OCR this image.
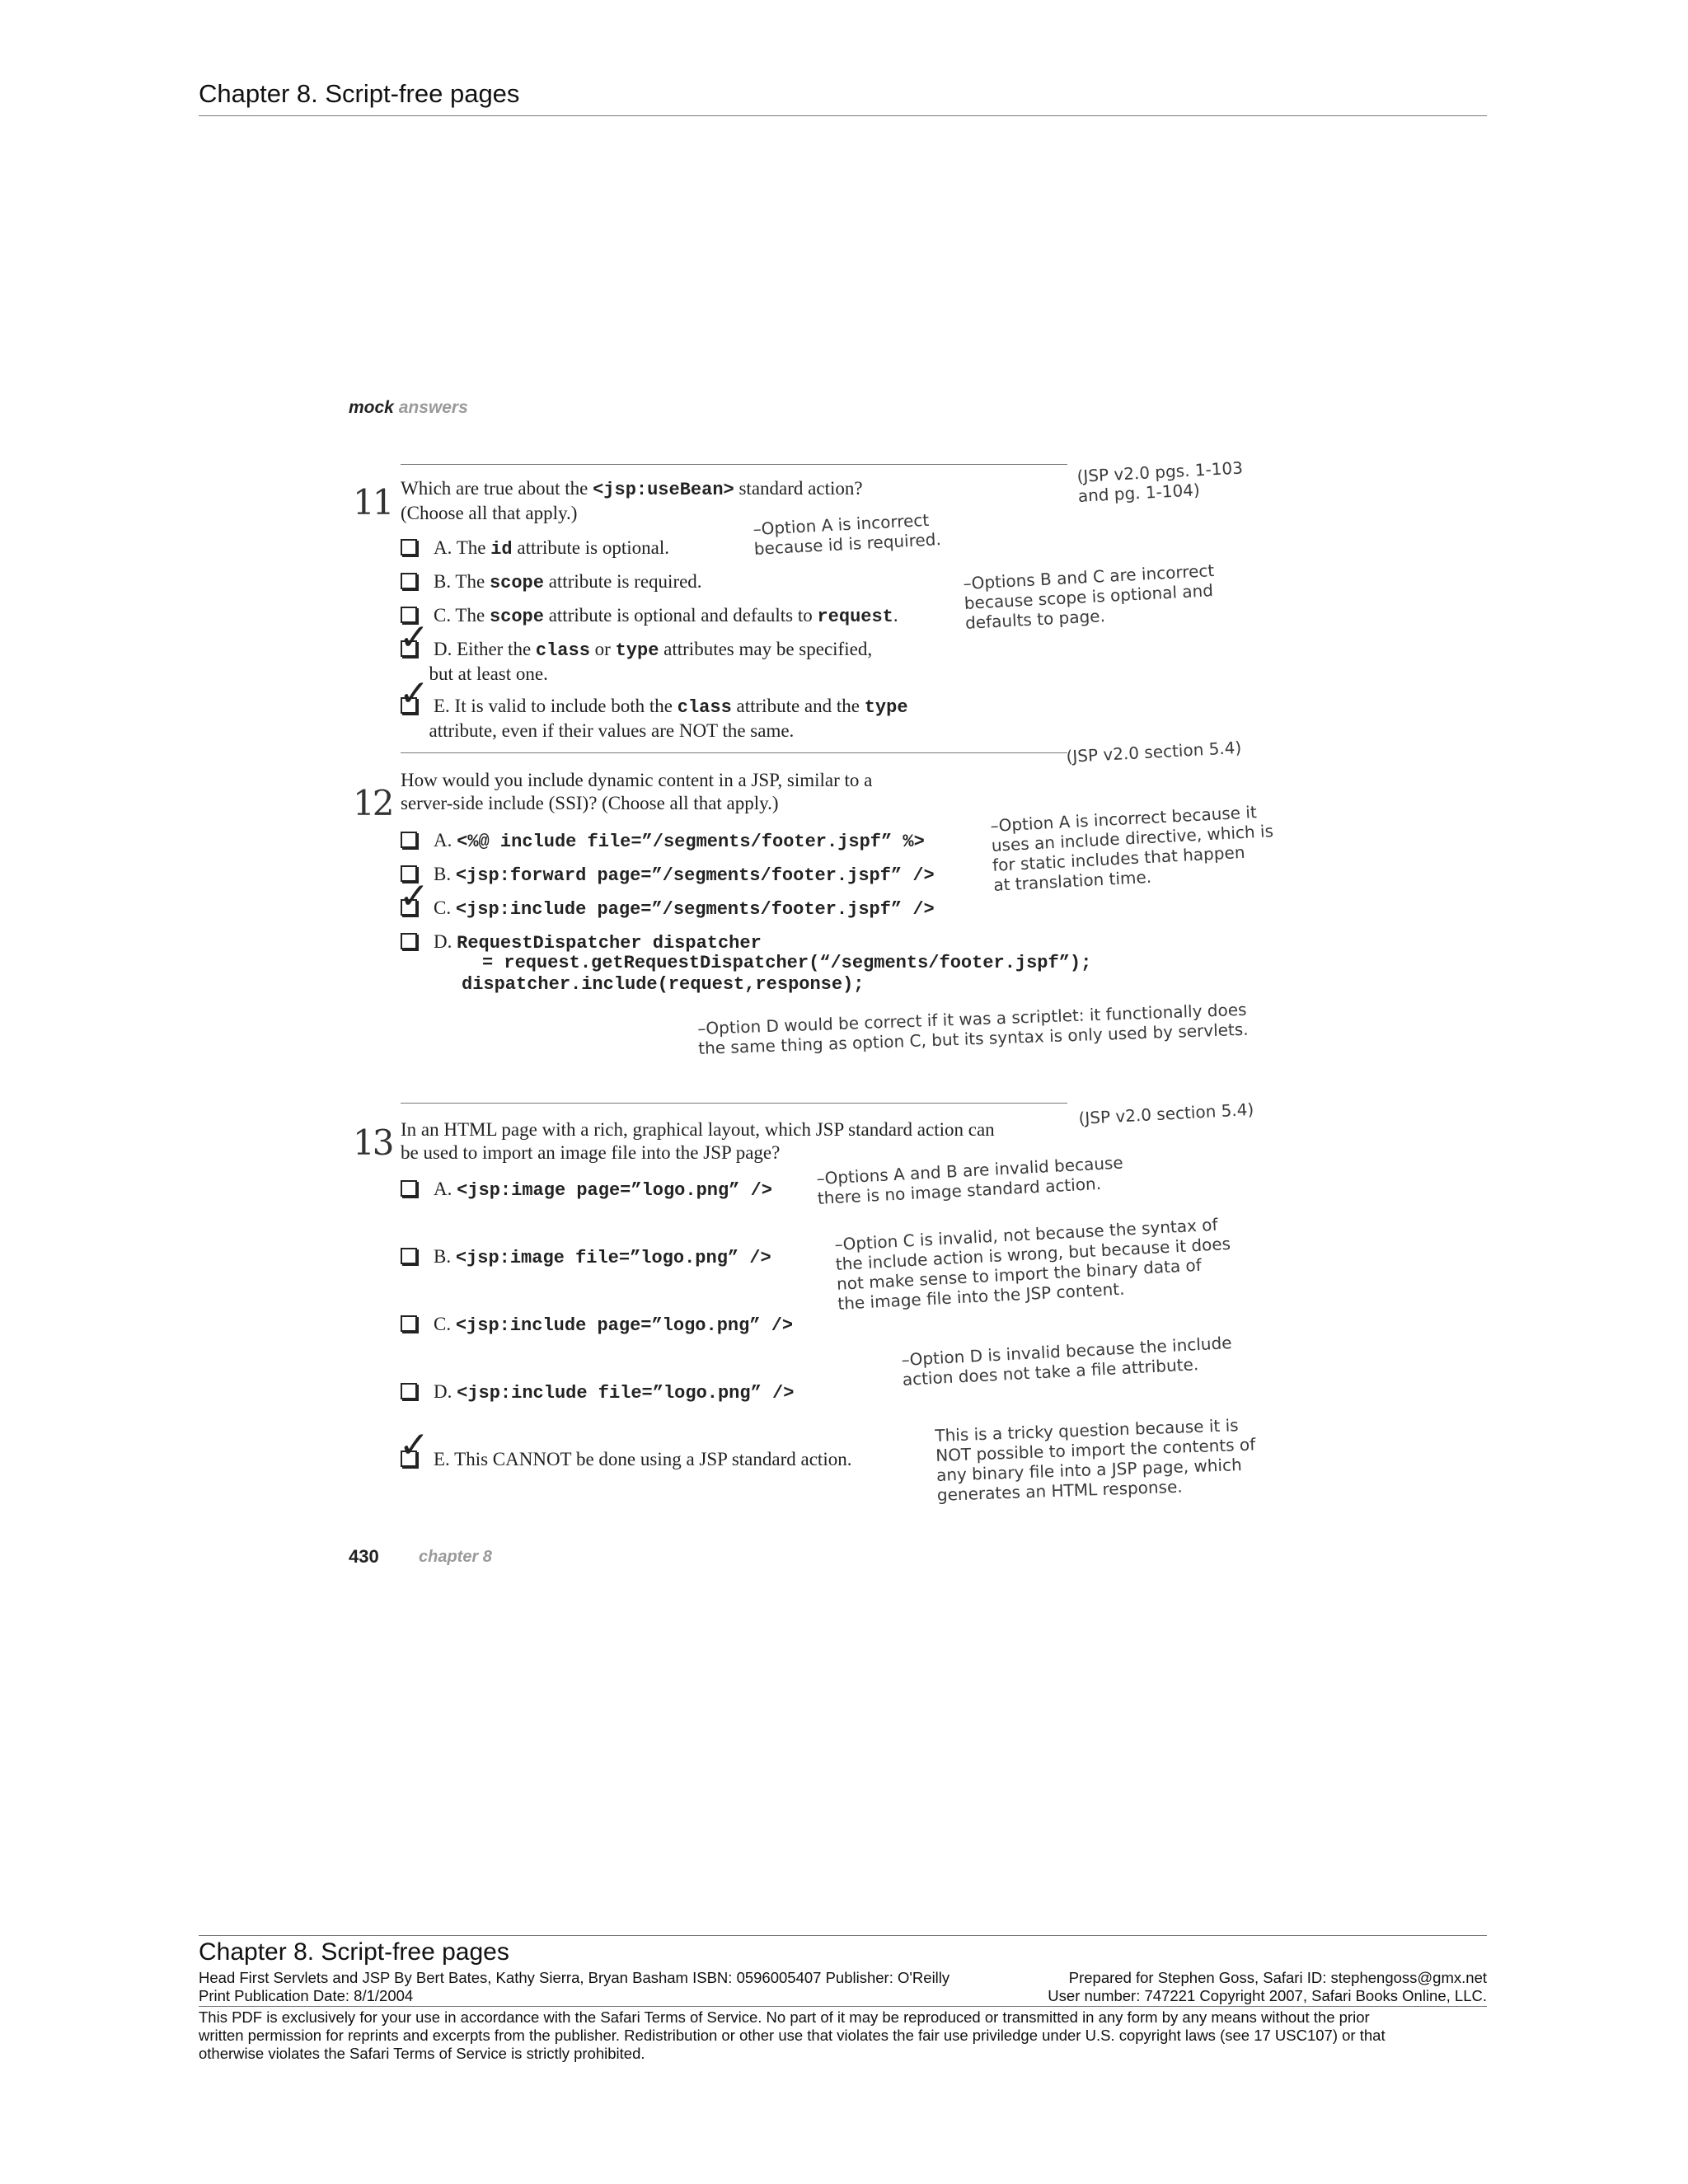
Chapter 8. Script-free pages
mock answers
11 Which are true about the <jsp:useBean> standard action?
(Choose all that apply.)
(JSP v2.0 pgs. 1-103
and pg. 1-104)
A. The id attribute is optional.
B. The scope attribute is required.
C. The scope attribute is optional and defaults to request.
D. Either the class or type attributes may be specified,
but at least one.
✓
E. It is valid to include both the class attribute and the type
attribute, even if their values are NOT the same.
✓
–Option A is incorrect
because id is required.
–Options B and C are incorrect
because scope is optional and
defaults to page.
12
How would you include dynamic content in a JSP, similar to a
server-side include (SSI)? (Choose all that apply.)
(JSP v2.0 section 5.4)
A. <%@ include file=”/segments/footer.jspf” %>
B. <jsp:forward page=”/segments/footer.jspf” />
C. <jsp:include page=”/segments/footer.jspf” />
✓
D. RequestDispatcher dispatcher
= request.getRequestDispatcher(“/segments/footer.jspf”);
dispatcher.include(request,response);
–Option A is incorrect because it
uses an include directive, which is
for static includes that happen
at translation time.
–Option D would be correct if it was a scriptlet: it functionally does
the same thing as option C, but its syntax is only used by servlets.
13 In an HTML page with a rich, graphical layout, which JSP standard action can
be used to import an image file into the JSP page?
(JSP v2.0 section 5.4)
A. <jsp:image page=”logo.png” />
B. <jsp:image file=”logo.png” />
C. <jsp:include page=”logo.png” />
D. <jsp:include file=”logo.png” />
E. This CANNOT be done using a JSP standard action.
✓
–Options A and B are invalid because
there is no image standard action.
–Option C is invalid, not because the syntax of
the include action is wrong, but because it does
not make sense to import the binary data of
the image file into the JSP content.
–Option D is invalid because the include
action does not take a file attribute.
This is a tricky question because it is
NOT possible to import the contents of
any binary file into a JSP page, which
generates an HTML response.
430 chapter 8
Chapter 8. Script-free pages
Head First Servlets and JSP By Bert Bates, Kathy Sierra, Bryan Basham ISBN: 0596005407 Publisher: O'Reilly	Prepared for Stephen Goss, Safari ID: stephengoss@gmx.net
Print Publication Date: 8/1/2004	User number: 747221 Copyright 2007, Safari Books Online, LLC.
This PDF is exclusively for your use in accordance with the Safari Terms of Service. No part of it may be reproduced or transmitted in any form by any means without the prior
written permission for reprints and excerpts from the publisher. Redistribution or other use that violates the fair use priviledge under U.S. copyright laws (see 17 USC107) or that
otherwise violates the Safari Terms of Service is strictly prohibited.
